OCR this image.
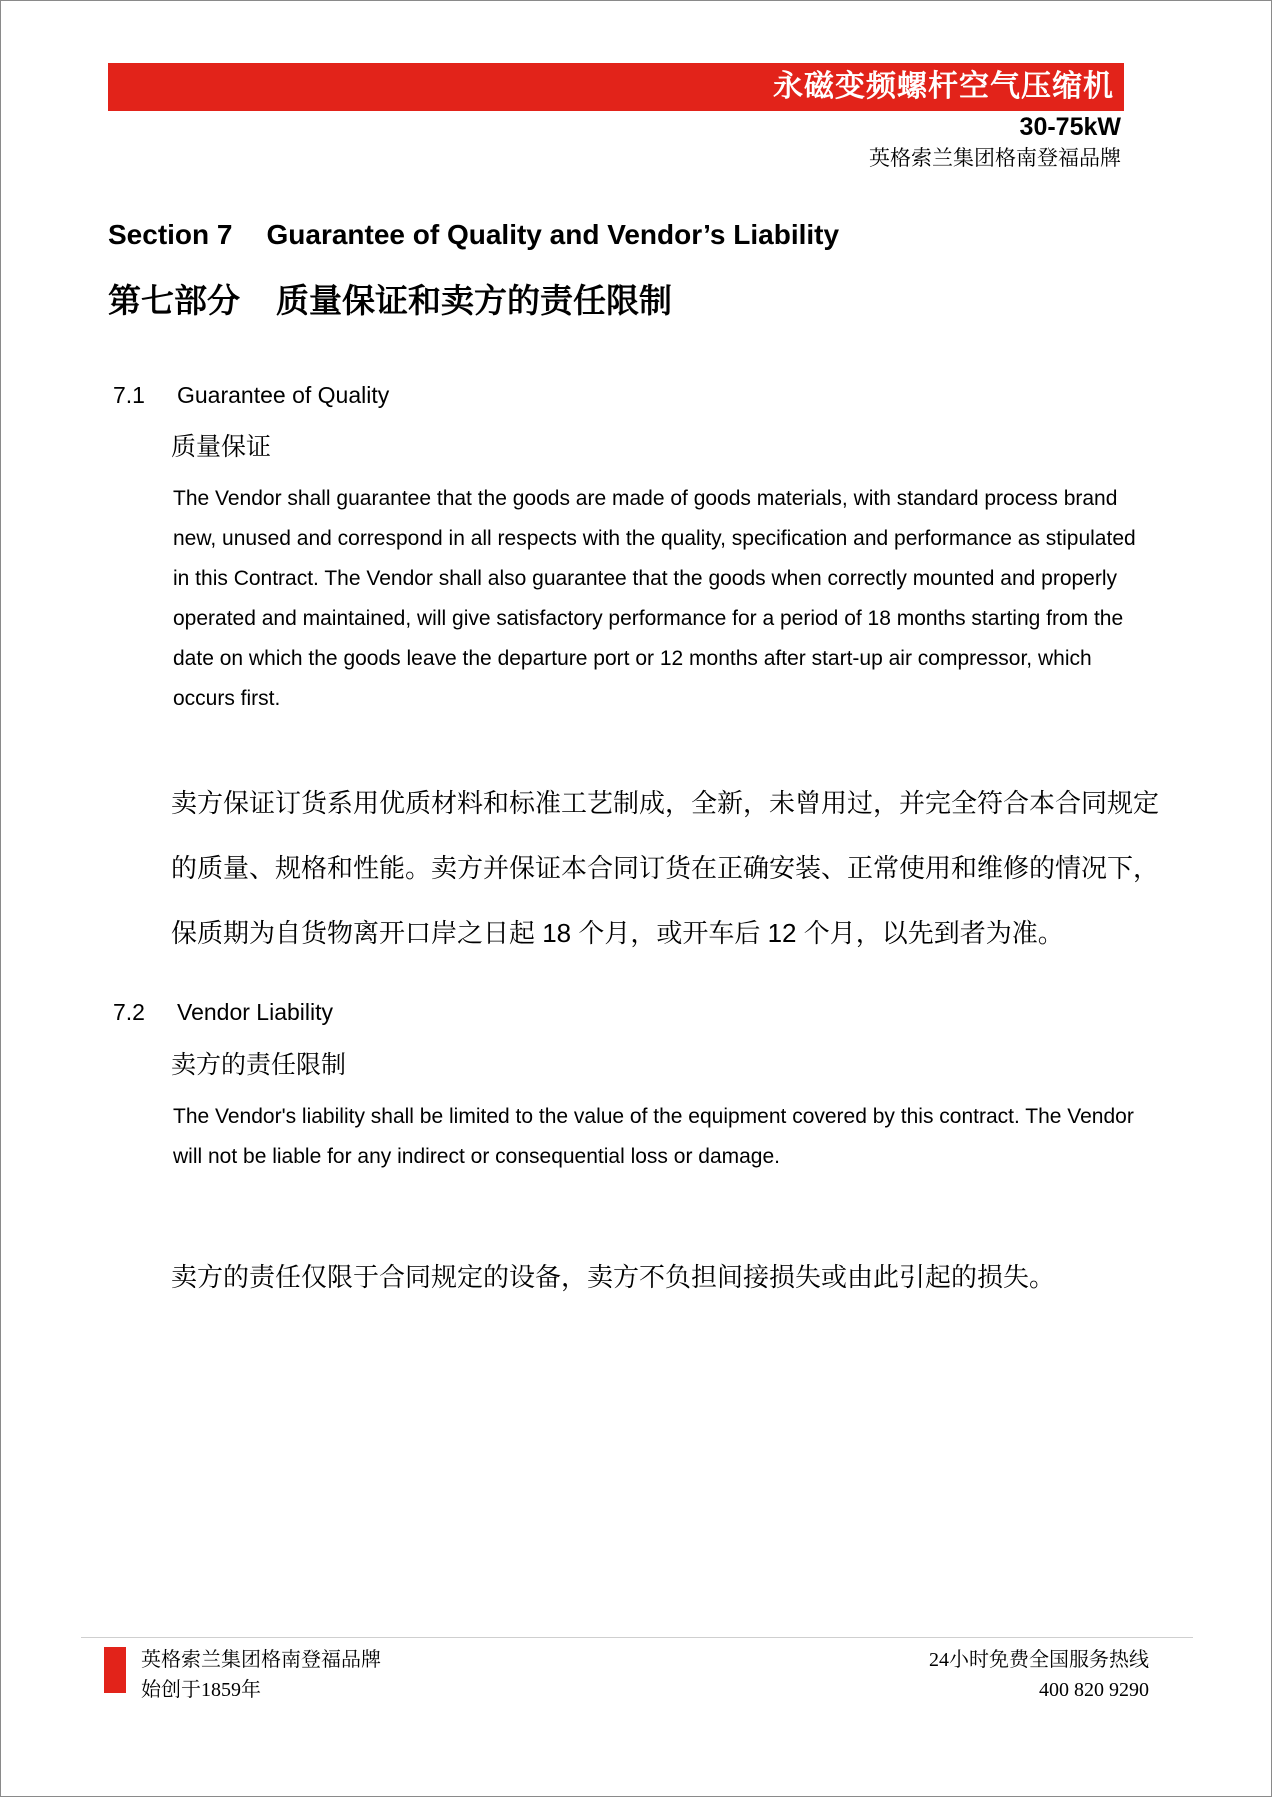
永磁变频螺杆空气压缩机
30-75kW
英格索兰集团格南登福品牌
Section 7 Guarantee of Quality and Vendor’s Liability
第七部分 质量保证和卖方的责任限制
7.1 Guarantee of Quality
质量保证
The Vendor shall guarantee that the goods are made of goods materials, with standard process brand
new, unused and correspond in all respects with the quality, specification and performance as stipulated
in this Contract. The Vendor shall also guarantee that the goods when correctly mounted and properly
operated and maintained, will give satisfactory performance for a period of 18 months starting from the
date on which the goods leave the departure port or 12 months after start-up air compressor, which
occurs first.
卖方保证订货系用优质材料和标准工艺制成，全新，未曾用过，并完全符合本合同规定
的质量、规格和性能。卖方并保证本合同订货在正确安装、正常使用和维修的情况下，
保质期为自货物离开口岸之日起 18 个月，或开车后 12 个月，以先到者为准。
7.2 Vendor Liability
卖方的责任限制
The Vendor's liability shall be limited to the value of the equipment covered by this contract. The Vendor
will not be liable for any indirect or consequential loss or damage.
卖方的责任仅限于合同规定的设备，卖方不负担间接损失或由此引起的损失。
英格索兰集团格南登福品牌
始创于1859年
24小时免费全国服务热线
400 820 9290
